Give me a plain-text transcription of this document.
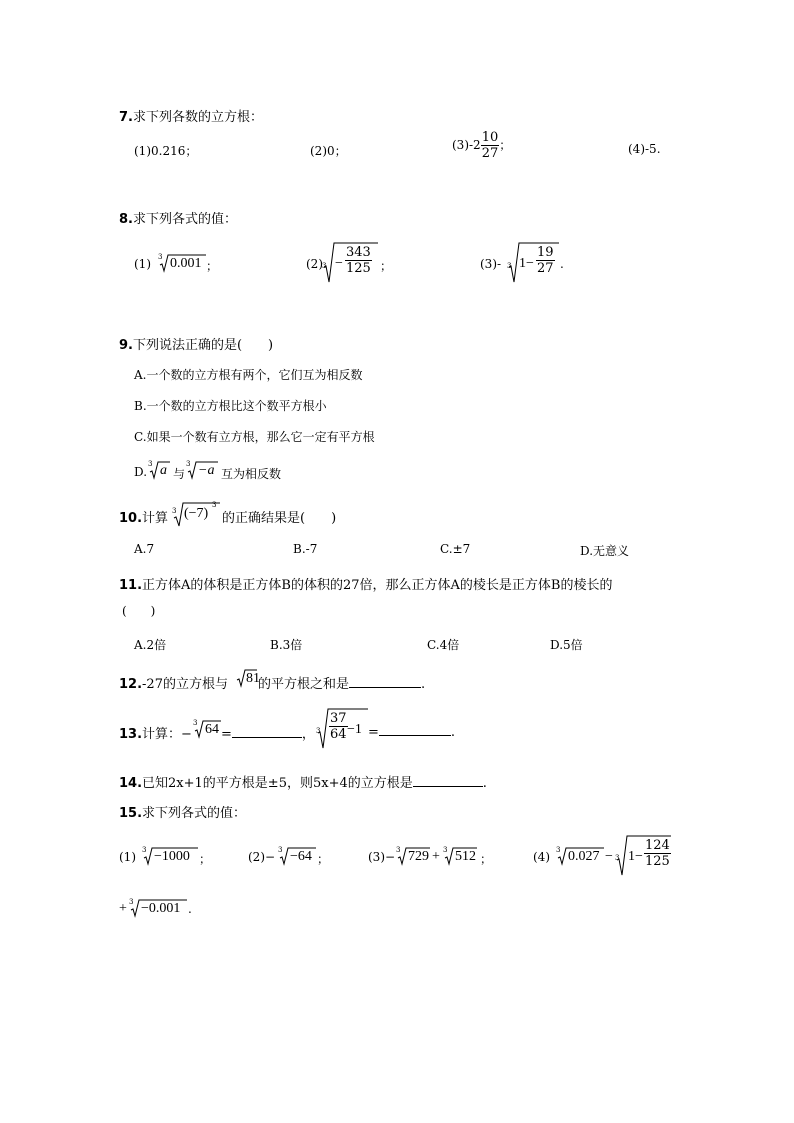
7.求下列各数的立方根：
(1)0.216；	(2)0；	$(3)-2 \frac{10}{27}$ ；	(4)-5.
8.求下列各式的值：
(1) 3 0.001 ；	(2) $3 - \frac{343}{125}$ ；	(3)- 3 $1- \frac{19}{27}$ .
9.下列说法正确的是(　　)
A.一个数的立方根有两个，它们互为相反数
B.一个数的立方根比这个数平方根小
C.如果一个数有立方根，那么它一定有平方根
D.
3 a 与
3 −a 互为相反数
10.计算 3 (−7)
3
的正确结果是(　　)
A.7	B.-7	C.±7	D.无意义
11.正方体A的体积是正方体B的体积的27倍，那么正方体A的棱长是正方体B的棱长的
(　　)
A.2倍	B.3倍	C.4倍	D.5倍
12.-27的立方根与 81
的平方根之和是	.
13.计算：−
3 64 =	， $3 \frac{37}{64} -1$ =	.
14.已知2x+1的平方根是±5，则5x+4的立方根是	.
15.求下列各式的值：
(1) 3 −1000 ；	(2)− 3 −64 ；	(3)− 3 729 + 3 512 ；	(4) 3 0.027 − 3 $1- \frac{124}{125}$
+ 3 −0.001 .
